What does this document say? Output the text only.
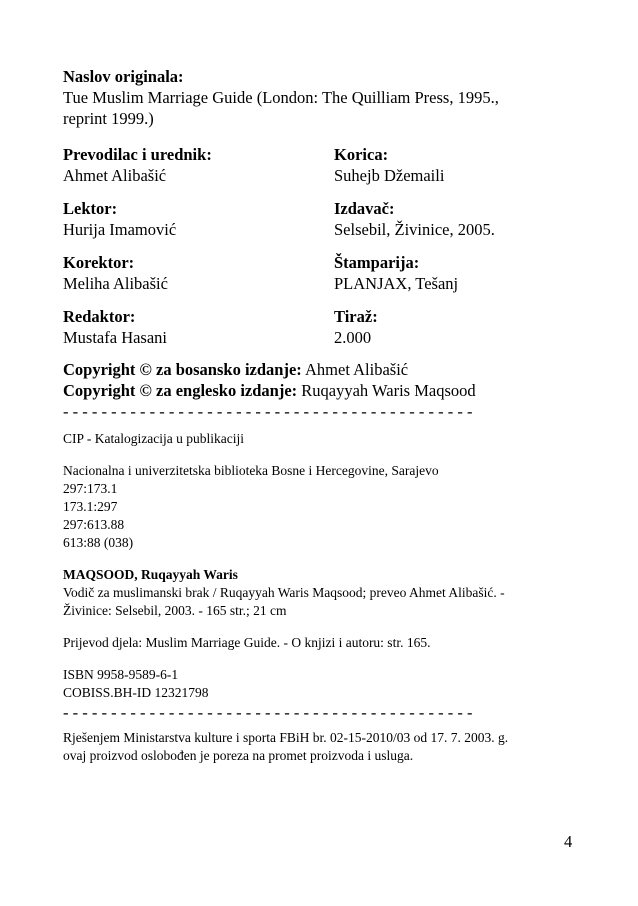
Naslov originala:
Tue Muslim Marriage Guide (London: The Quilliam Press, 1995.,
reprint 1999.)
Prevodilac i urednik:
Ahmet Alibašić
Korica:
Suhejb Džemaili
Lektor:
Hurija Imamović
Izdavač:
Selsebil, Živinice, 2005.
Korektor:
Meliha Alibašić
Štamparija:
PLANJAX, Tešanj
Redaktor:
Mustafa Hasani
Tiraž:
2.000
Copyright © za bosansko izdanje: Ahmet Alibašić
Copyright © za englesko izdanje: Ruqayyah Waris Maqsood
- - - - - - - - - - - - - - - - - - - - - - - - - - - - - - - - - - - - - - - - - - -
CIP - Katalogizacija u publikaciji
Nacionalna i univerzitetska biblioteka Bosne i Hercegovine, Sarajevo
297:173.1
173.1:297
297:613.88
613:88 (038)
MAQSOOD, Ruqayyah Waris
Vodič za muslimanski brak / Ruqayyah Waris Maqsood; preveo Ahmet Alibašić. -
Živinice: Selsebil, 2003. - 165 str.; 21 cm
Prijevod djela: Muslim Marriage Guide. - O knjizi i autoru: str. 165.
ISBN 9958-9589-6-1
COBISS.BH-ID 12321798
- - - - - - - - - - - - - - - - - - - - - - - - - - - - - - - - - - - - - - - - - - -
Rješenjem Ministarstva kulture i sporta FBiH br. 02-15-2010/03 od 17. 7. 2003. g.
ovaj proizvod oslobođen je poreza na promet proizvoda i usluga.
4
